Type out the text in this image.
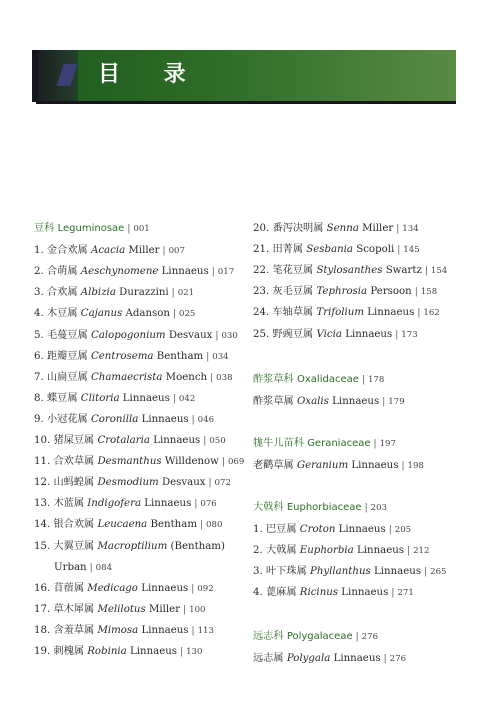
目 录
豆科 Leguminosae | 001
1. 金合欢属 Acacia Miller | 007
2. 合萌属 Aeschynomene Linnaeus | 017
3. 合欢属 Albizia Durazzini | 021
4. 木豆属 Cajanus Adanson | 025
5. 毛蔓豆属 Calopogonium Desvaux | 030
6. 距瓣豆属 Centrosema Bentham | 034
7. 山扁豆属 Chamaecrista Moench | 038
8. 蝶豆属 Clitoria Linnaeus | 042
9. 小冠花属 Coronilla Linnaeus | 046
10. 猪屎豆属 Crotalaria Linnaeus | 050
11. 合欢草属 Desmanthus Willdenow | 069
12. 山蚂蝗属 Desmodium Desvaux | 072
13. 木蓝属 Indigofera Linnaeus | 076
14. 银合欢属 Leucaena Bentham | 080
15. 大翼豆属 Macroptilium (Bentham)
Urban | 084
16. 苜蓿属 Medicago Linnaeus | 092
17. 草木犀属 Melilotus Miller | 100
18. 含羞草属 Mimosa Linnaeus | 113
19. 刺槐属 Robinia Linnaeus | 130
20. 番泻决明属 Senna Miller | 134
21. 田菁属 Sesbania Scopoli | 145
22. 笔花豆属 Stylosanthes Swartz | 154
23. 灰毛豆属 Tephrosia Persoon | 158
24. 车轴草属 Trifolium Linnaeus | 162
25. 野豌豆属 Vicia Linnaeus | 173
酢浆草科 Oxalidaceae | 178
酢浆草属 Oxalis Linnaeus | 179
牻牛儿苗科 Geraniaceae | 197
老鹳草属 Geranium Linnaeus | 198
大戟科 Euphorbiaceae | 203
1. 巴豆属 Croton Linnaeus | 205
2. 大戟属 Euphorbia Linnaeus | 212
3. 叶下珠属 Phyllanthus Linnaeus | 265
4. 蓖麻属 Ricinus Linnaeus | 271
远志科 Polygalaceae | 276
远志属 Polygala Linnaeus | 276
